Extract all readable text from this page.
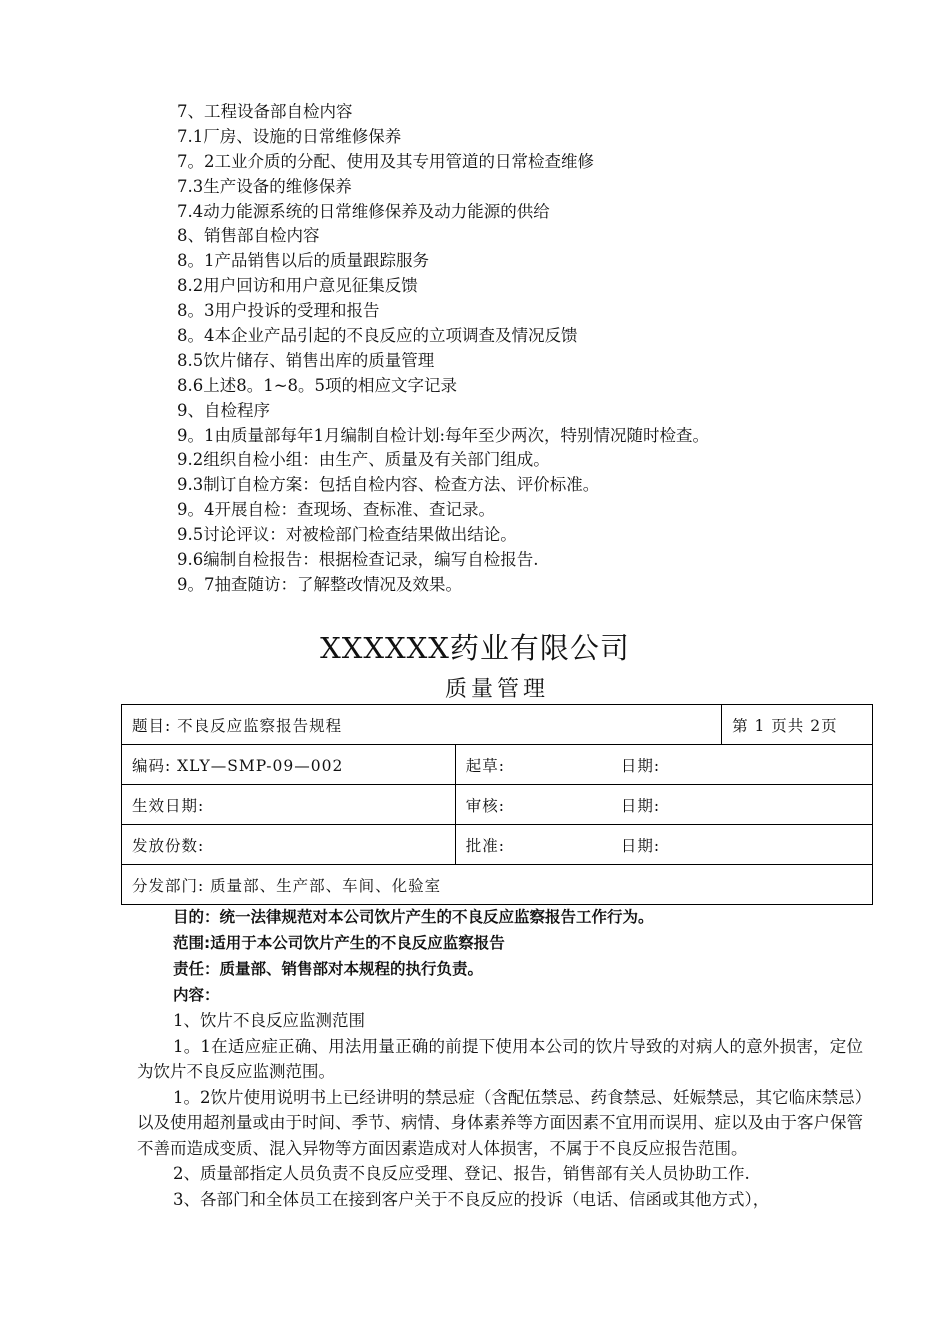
7、工程设备部自检内容
7.1厂房、设施的日常维修保养
7。2工业介质的分配、使用及其专用管道的日常检查维修
7.3生产设备的维修保养
7.4动力能源系统的日常维修保养及动力能源的供给
8、销售部自检内容
8。1产品销售以后的质量跟踪服务
8.2用户回访和用户意见征集反馈
8。3用户投诉的受理和报告
8。4本企业产品引起的不良反应的立项调查及情况反馈
8.5饮片储存、销售出库的质量管理
8.6上述8。1~8。5项的相应文字记录
9、自检程序
9。1由质量部每年1月编制自检计划:每年至少两次，特别情况随时检查。
9.2组织自检小组：由生产、质量及有关部门组成。
9.3制订自检方案：包括自检内容、检查方法、评价标准。
9。4开展自检：查现场、查标准、查记录。
9.5讨论评议：对被检部门检查结果做出结论。
9.6编制自检报告：根据检查记录，编写自检报告.
9。7抽查随访：了解整改情况及效果。
XXXXXX药业有限公司
质量管理
题目: 不良反应监察报告规程			第 1 页共 2页
编码: XLY—SMP-09—002	起草:	日期:	
生效日期:	审核:	日期:	
发放份数:	批准:	日期:	
分发部门: 质量部、生产部、车间、化验室			
目的：统一法律规范对本公司饮片产生的不良反应监察报告工作行为。
范围:适用于本公司饮片产生的不良反应监察报告
责任：质量部、销售部对本规程的执行负责。
内容：
1、饮片不良反应监测范围
1。1在适应症正确、用法用量正确的前提下使用本公司的饮片导致的对病人的意外损害，定位为饮片不良反应监测范围。
1。2饮片使用说明书上已经讲明的禁忌症（含配伍禁忌、药食禁忌、妊娠禁忌，其它临床禁忌）以及使用超剂量或由于时间、季节、病情、身体素养等方面因素不宜用而误用、症以及由于客户保管不善而造成变质、混入异物等方面因素造成对人体损害，不属于不良反应报告范围。
2、质量部指定人员负责不良反应受理、登记、报告，销售部有关人员协助工作.
3、各部门和全体员工在接到客户关于不良反应的投诉（电话、信函或其他方式），
